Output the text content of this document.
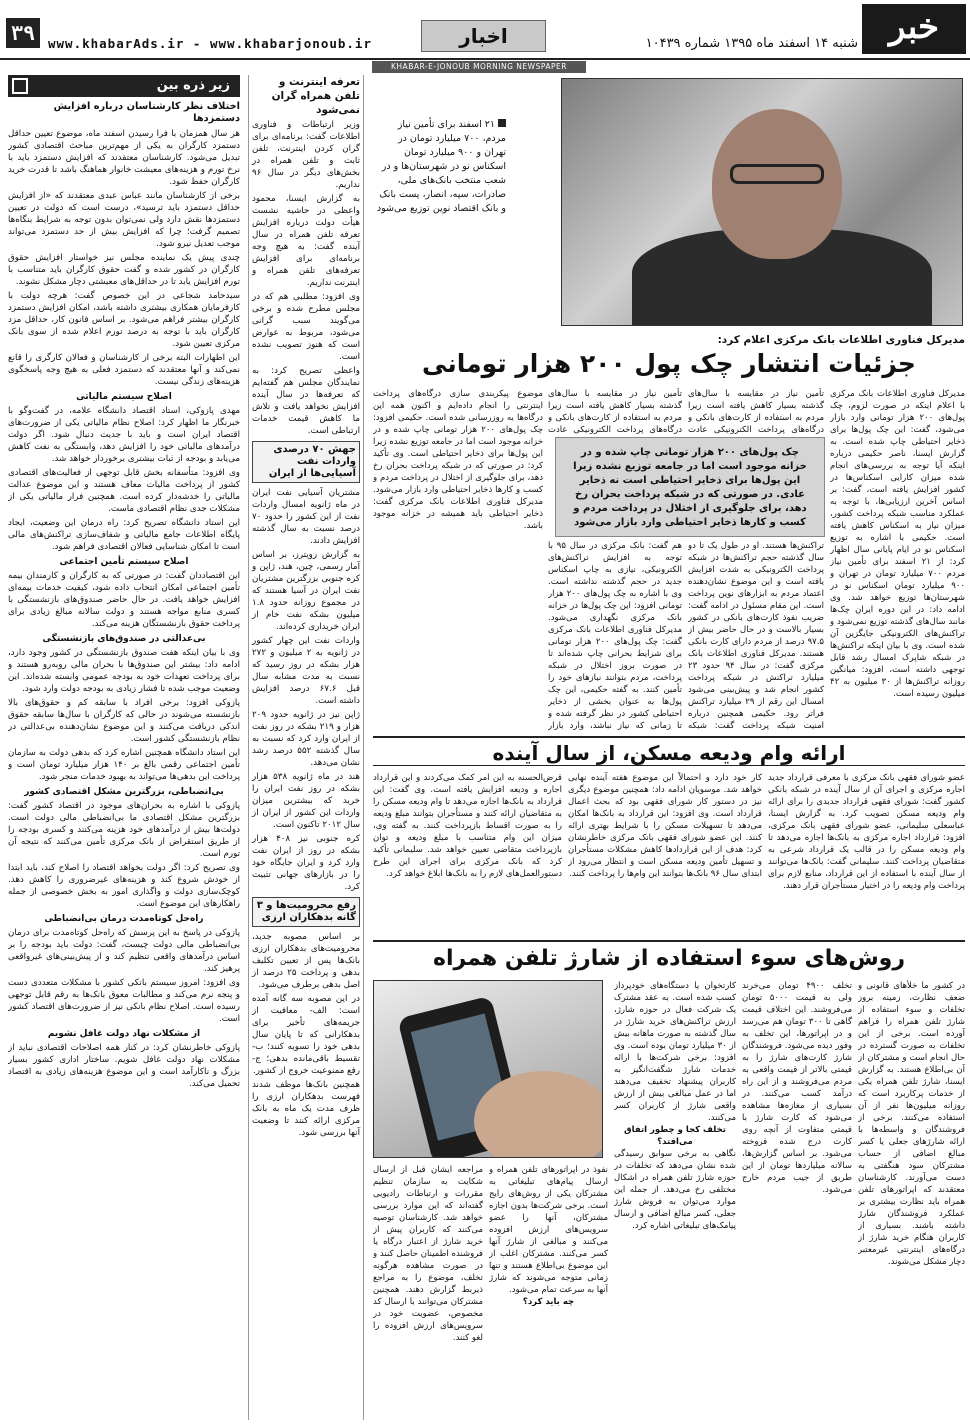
۳۹	www.khabarAds.ir - www.khabarjonoub.ir	اخبار	شنبه ۱۴ اسفند ماه ۱۳۹۵ شماره ۱۰۴۳۹ خبر
KHABAR-E-JONOUB MORNING NEWSPAPER
زیر ذره بین
اختلاف نظر کارشناسان درباره افزایش دستمزدها

هر سال همزمان با فرا رسیدن اسفند ماه، موضوع تعیین حداقل دستمزد کارگران به یکی از مهم‌ترین مباحث اقتصادی کشور تبدیل می‌شود. کارشناسان معتقدند که افزایش دستمزد باید با نرخ تورم و هزینه‌های معیشت خانوار هماهنگ باشد تا قدرت خرید کارگران حفظ شود.

برخی از کارشناسان مانند عباس عبدی معتقدند که «از افزایش حداقل دستمزد باید ترسید»، درست است که دولت در تعیین دستمزدها نقش دارد ولی نمی‌توان بدون توجه به شرایط بنگاه‌ها تصمیم گرفت؛ چرا که افزایش بیش از حد دستمزد می‌تواند موجب تعدیل نیرو شود.

چندی پیش یک نماینده مجلس نیز خواستار افزایش حقوق کارگران در کشور شده و گفت حقوق کارگران باید متناسب با تورم افزایش یابد تا در حداقل‌های معیشتی دچار مشکل نشوند.

سیدحامد شجاعی در این خصوص گفت: هرچه دولت با کارفرمایان همکاری بیشتری داشته باشد، امکان افزایش دستمزد کارگران بیشتر فراهم می‌شود. بر اساس قانون کار، حداقل مزد کارگران باید با توجه به درصد تورم اعلام شده از سوی بانک مرکزی تعیین شود.

این اظهارات البته برخی از کارشناسان و فعالان کارگری را قانع نمی‌کند و آنها معتقدند که دستمزد فعلی به هیچ وجه پاسخگوی هزینه‌های زندگی نیست.

اصلاح سیستم مالیاتی

مهدی پازوکی، استاد اقتصاد دانشگاه علامه، در گفت‌وگو با خبرنگار ما اظهار کرد: اصلاح نظام مالیاتی یکی از ضرورت‌های اقتصاد ایران است و باید با جدیت دنبال شود. اگر دولت درآمدهای مالیاتی خود را افزایش دهد، وابستگی به نفت کاهش می‌یابد و بودجه از ثبات بیشتری برخوردار خواهد شد.

وی افزود: متأسفانه بخش قابل توجهی از فعالیت‌های اقتصادی کشور از پرداخت مالیات معاف هستند و این موضوع عدالت مالیاتی را خدشه‌دار کرده است. همچنین فرار مالیاتی یکی از مشکلات جدی نظام اقتصادی ماست.

این استاد دانشگاه تصریح کرد: راه درمان این وضعیت، ایجاد پایگاه اطلاعات جامع مالیاتی و شفاف‌سازی تراکنش‌های مالی است تا امکان شناسایی فعالان اقتصادی فراهم شود.

اصلاح سیستم تأمین اجتماعی

این اقتصاددان گفت: در صورتی که به کارگران و کارمندان بیمه تأمین اجتماعی امکان انتخاب داده شود، کیفیت خدمات بیمه‌ای افزایش خواهد یافت. در حال حاضر صندوق‌های بازنشستگی با کسری منابع مواجه هستند و دولت سالانه مبالغ زیادی برای پرداخت حقوق بازنشستگان هزینه می‌کند.

بی‌عدالتی در صندوق‌های بازنشستگی

وی با بیان اینکه هفت صندوق بازنشستگی در کشور وجود دارد، ادامه داد: بیشتر این صندوق‌ها با بحران مالی روبه‌رو هستند و برای پرداخت تعهدات خود به بودجه عمومی وابسته شده‌اند. این وضعیت موجب شده تا فشار زیادی به بودجه دولت وارد شود.

پازوکی افزود: برخی افراد با سابقه کم و حقوق‌های بالا بازنشسته می‌شوند در حالی که کارگران با سال‌ها سابقه حقوق اندکی دریافت می‌کنند و این موضوع نشان‌دهنده بی‌عدالتی در نظام بازنشستگی کشور است.

این استاد دانشگاه همچنین اشاره کرد که بدهی دولت به سازمان تأمین اجتماعی رقمی بالغ بر ۱۴۰ هزار میلیارد تومان است و پرداخت این بدهی‌ها می‌تواند به بهبود خدمات منجر شود.

بی‌انضباطی، بزرگترین مشکل اقتصادی کشور

پازوکی با اشاره به بحران‌های موجود در اقتصاد کشور گفت: بزرگترین مشکل اقتصادی ما بی‌انضباطی مالی دولت است. دولت‌ها بیش از درآمدهای خود هزینه می‌کنند و کسری بودجه را از طریق استقراض از بانک مرکزی تأمین می‌کنند که نتیجه آن تورم است.

وی تصریح کرد: اگر دولت بخواهد اقتصاد را اصلاح کند، باید ابتدا از خودش شروع کند و هزینه‌های غیرضروری را کاهش دهد. کوچک‌سازی دولت و واگذاری امور به بخش خصوصی از جمله راهکارهای این موضوع است.

راه‌حل کوتاه‌مدت درمان بی‌انضباطی

پازوکی در پاسخ به این پرسش که راه‌حل کوتاه‌مدت برای درمان بی‌انضباطی مالی دولت چیست، گفت: دولت باید بودجه را بر اساس درآمدهای واقعی تنظیم کند و از پیش‌بینی‌های غیرواقعی پرهیز کند.

وی افزود: امروز سیستم بانکی کشور با مشکلات متعددی دست و پنجه نرم می‌کند و مطالبات معوق بانک‌ها به رقم قابل توجهی رسیده است. اصلاح نظام بانکی نیز از ضرورت‌های اقتصاد کشور است.

از مشکلات نهاد دولت غافل نشویم

پازوکی خاطرنشان کرد: در کنار همه اصلاحات اقتصادی نباید از مشکلات نهاد دولت غافل شویم. ساختار اداری کشور بسیار بزرگ و ناکارآمد است و این موضوع هزینه‌های زیادی به اقتصاد تحمیل می‌کند.

تعرفه اینترنت و تلفن همراه گران نمی‌شود

وزیر ارتباطات و فناوری اطلاعات گفت: برنامه‌ای برای گران کردن اینترنت، تلفن ثابت و تلفن همراه در بخش‌های دیگر در سال ۹۶ نداریم.

به گزارش ایسنا، محمود واعظی در حاشیه نشست هیأت دولت درباره افزایش تعرفه تلفن همراه در سال آینده گفت: به هیچ وجه برنامه‌ای برای افزایش تعرفه‌های تلفن همراه و اینترنت نداریم.

وی افزود: مطلبی هم که در مجلس مطرح شده و برخی می‌گویند سبب گرانی می‌شود، مربوط به عوارض است که هنوز تصویب نشده است.

واعظی تصریح کرد: به نمایندگان مجلس هم گفته‌ایم که تعرفه‌ها در سال آینده افزایش نخواهد یافت و تلاش ما کاهش قیمت خدمات ارتباطی است.

جهش ۷۰ درصدی واردات نفت آسیایی‌ها از ایران

مشتریان آسیایی نفت ایران در ماه ژانویه امسال واردات نفت از این کشور را حدود ۷۰ درصد نسبت به سال گذشته افزایش دادند.

به گزارش رویترز، بر اساس آمار رسمی، چین، هند، ژاپن و کره جنوبی بزرگترین مشتریان نفت ایران در آسیا هستند که در مجموع روزانه حدود ۱.۸ میلیون بشکه نفت خام از ایران خریداری کرده‌اند.

واردات نفت این چهار کشور در ژانویه به ۲ میلیون و ۲۷۲ هزار بشکه در روز رسید که نسبت به مدت مشابه سال قبل ۶۷.۶ درصد افزایش داشته است.

ژاپن نیز در ژانویه حدود ۲۰۹ هزار و ۲۱۹ بشکه در روز نفت از ایران وارد کرد که نسبت به سال گذشته ۵۵۲ درصد رشد نشان می‌دهد.

هند در ماه ژانویه ۵۳۸ هزار بشکه در روز نفت ایران را خرید که بیشترین میزان واردات این کشور از ایران از سال ۲۰۱۲ تاکنون است.

کره جنوبی نیز ۴۰۸ هزار بشکه در روز از ایران نفت وارد کرد و ایران جایگاه خود را در بازارهای جهانی تثبیت کرد.

رفع محرومیت‌ها و ۳ گانه بدهکاران ارزی

بر اساس مصوبه جدید، محرومیت‌های بدهکاران ارزی بانک‌ها پس از تعیین تکلیف بدهی و پرداخت ۲۵ درصد از اصل بدهی برطرف می‌شود.

در این مصوبه سه گانه آمده است: الف- معافیت از جریمه‌های تأخیر برای بدهکارانی که تا پایان سال بدهی خود را تسویه کنند؛ ب- تقسیط باقی‌مانده بدهی؛ ج- رفع ممنوعیت خروج از کشور.

همچنین بانک‌ها موظف شدند فهرست بدهکاران ارزی را ظرف مدت یک ماه به بانک مرکزی ارائه کنند تا وضعیت آنها بررسی شود.

۲۱ اسفند برای تأمین نیاز مردم، ۷۰۰ میلیارد تومان در تهران و ۹۰۰ میلیارد تومان اسکناس نو در شهرستان‌ها و در شعب منتخب بانک‌های ملی، صادرات، سپه، انصار، پست بانک و بانک اقتصاد نوین توزیع می‌شود
مدیرکل فناوری اطلاعات بانک مرکزی اعلام کرد:
جزئیات انتشار چک پول ۲۰۰ هزار تومانی
مدیرکل فناوری اطلاعات بانک مرکزی با اعلام اینکه در صورت لزوم، چک پول‌های ۲۰۰ هزار تومانی وارد بازار می‌شود، گفت: این چک پول‌ها برای ذخایر احتیاطی چاپ شده است. به گزارش ایسنا، ناصر حکیمی درباره اینکه آیا توجه به بررسی‌های انجام شده میزان کارایی اسکناس‌ها در کشور افزایش یافته است، گفت: بر اساس آخرین ارزیابی‌ها، با توجه به عملکرد مناسب شبکه پرداخت کشور، میزان نیاز به اسکناس کاهش یافته است. حکیمی با اشاره به توزیع اسکناس نو در ایام پایانی سال اظهار کرد: از ۲۱ اسفند برای تأمین نیاز مردم ۷۰۰ میلیارد تومان در تهران و ۹۰۰ میلیارد تومان اسکناس نو در شهرستان‌ها توزیع خواهد شد. وی ادامه داد: در این دوره ایران چک‌ها مانند سال‌های گذشته توزیع نمی‌شود و تراکنش‌های الکترونیکی جایگزین آن شده است. وی با بیان اینکه تراکنش‌ها در شبکه شاپرک امسال رشد قابل توجهی داشته است، افزود: میانگین روزانه تراکنش‌ها از ۳۰ میلیون به ۴۲ میلیون رسیده است.
تراکنش‌ها هستند. او در طول یک تا دو سال گذشته حجم تراکنش‌ها در شبکه پرداخت الکترونیکی به شدت افزایش یافته است و این موضوع نشان‌دهنده اعتماد مردم به ابزارهای نوین پرداخت است. این مقام مسئول در ادامه گفت: ضریب نفوذ کارت‌های بانکی در کشور بسیار بالاست و در حال حاضر بیش از ۹۷.۵ درصد از مردم دارای کارت بانکی هستند. مدیرکل فناوری اطلاعات بانک مرکزی گفت: در سال ۹۴ حدود ۲۳ میلیارد تراکنش در شبکه پرداخت کشور انجام شد و پیش‌بینی می‌شود امسال این رقم از ۲۹ میلیارد تراکنش فراتر رود. حکیمی همچنین درباره امنیت شبکه پرداخت گفت: شبکه
تأمین نیاز در مقایسه با سال‌های گذشته بسیار کاهش یافته است زیرا مردم به استفاده از کارت‌های بانکی و درگاه‌های پرداخت الکترونیکی عادت
چک پول‌های ۲۰۰ هزار تومانی چاپ شده و در خزانه موجود است اما در جامعه توزیع نشده زیرا این پول‌ها برای ذخایر احتیاطی است نه ذخایر عادی. در صورتی که در شبکه پرداخت بحران رخ دهد، برای جلوگیری از اختلال در پرداخت مردم و کسب و کارها ذخایر احتیاطی وارد بازار می‌شود
هم گفت: بانک مرکزی در سال ۹۵ با توجه به افزایش تراکنش‌های الکترونیکی، نیازی به چاپ اسکناس جدید در حجم گذشته نداشته است. وی با اشاره به چک پول‌های ۲۰۰ هزار تومانی افزود: این چک پول‌ها در خزانه بانک مرکزی نگهداری می‌شود. مدیرکل فناوری اطلاعات بانک مرکزی گفت: چک پول‌های ۲۰۰ هزار تومانی برای شرایط بحرانی چاپ شده‌اند تا در صورت بروز اختلال در شبکه پرداخت، مردم بتوانند نیازهای خود را تأمین کنند. به گفته حکیمی، این چک پول‌ها به عنوان بخشی از ذخایر احتیاطی کشور در نظر گرفته شده و تا زمانی که نیاز نباشد، وارد بازار
تأمین نیاز در مقایسه با سال‌های گذشته بسیار کاهش یافته است زیرا مردم به استفاده از کارت‌های بانکی و درگاه‌های پرداخت الکترونیکی عادت
موضوع پیکربندی سازی درگاه‌های پرداخت اینترنتی را انجام داده‌ایم و اکنون همه این درگاه‌ها به روزرسانی شده است. حکیمی افزود: چک پول‌های ۲۰۰ هزار تومانی چاپ شده و در خزانه موجود است اما در جامعه توزیع نشده زیرا این پول‌ها برای ذخایر احتیاطی است. وی تأکید کرد: در صورتی که در شبکه پرداخت بحران رخ دهد، برای جلوگیری از اختلال در پرداخت مردم و کسب و کارها ذخایر احتیاطی وارد بازار می‌شود. مدیرکل فناوری اطلاعات بانک مرکزی گفت: ذخایر احتیاطی باید همیشه در خزانه موجود باشد.
ارائه وام ودیعه مسکن، از سال آینده
عضو شورای فقهی بانک مرکزی با معرفی قرارداد جدید اجاره مرکزی و اجرای آن از سال آینده در شبکه بانکی کشور گفت: شورای فقهی قرارداد جدیدی را برای ارائه وام ودیعه مسکن تصویب کرد. به گزارش ایسنا، عباسعلی سلیمانی، عضو شورای فقهی بانک مرکزی، افزود: قرارداد اجاره مرکزی به بانک‌ها اجازه می‌دهد تا وام ودیعه مسکن را در قالب یک قرارداد شرعی به متقاضیان پرداخت کنند. سلیمانی گفت: بانک‌ها می‌توانند از سال آینده با استفاده از این قرارداد، منابع لازم برای پرداخت وام ودیعه را در اختیار مستأجران قرار دهند.
کار خود دارد و احتمالاً این موضوع هفته آینده نهایی خواهد شد. موسویان ادامه داد: همچنین موضوع دیگری نیز در دستور کار شورای فقهی بود که بحث اعمال قرارداد است. وی افزود: این قرارداد به بانک‌ها امکان می‌دهد تا تسهیلات مسکن را با شرایط بهتری ارائه کنند. این عضو شورای فقهی بانک مرکزی خاطرنشان کرد: هدف از این قراردادها کاهش مشکلات مستأجران و تسهیل تأمین ودیعه مسکن است و انتظار می‌رود از ابتدای سال ۹۶ بانک‌ها بتوانند این وام‌ها را پرداخت کنند.
قرض‌الحسنه به این امر کمک می‌کردند و این قرارداد اجاره و ودیعه افزایش یافته است. وی گفت: این قرارداد به بانک‌ها اجازه می‌دهد تا وام ودیعه مسکن را به متقاضیان ارائه کنند و مستأجران بتوانند مبلغ ودیعه را به صورت اقساط بازپرداخت کنند. به گفته وی، میزان این وام متناسب با مبلغ ودیعه و توان بازپرداخت متقاضی تعیین خواهد شد. سلیمانی تأکید کرد که بانک مرکزی برای اجرای این طرح دستورالعمل‌های لازم را به بانک‌ها ابلاغ خواهد کرد.
روش‌های سوء استفاده از شارژ تلفن همراه
در کشور ما خلأهای قانونی و ضعف نظارت، زمینه بروز تخلفات و سوء استفاده از شارژ تلفن همراه را فراهم آورده است. برخی از این تخلفات به صورت گسترده در حال انجام است و مشترکان از آن بی‌اطلاع هستند. به گزارش ایسنا، شارژ تلفن همراه یکی از خدمات پرکاربرد است که روزانه میلیون‌ها نفر از آن استفاده می‌کنند. برخی از فروشندگان و واسطه‌ها با ارائه شارژهای جعلی یا کسر مبالغ اضافی از حساب مشترکان سود هنگفتی به دست می‌آورند. کارشناسان معتقدند که اپراتورهای تلفن همراه باید نظارت بیشتری بر عملکرد فروشندگان شارژ داشته باشند. بسیاری از کاربران هنگام خرید شارژ از درگاه‌های اینترنتی غیرمعتبر دچار مشکل می‌شوند.
تخلف ۴۹۰۰ تومان می‌خرند ولی به قیمت ۵۰۰۰ تومان می‌فروشند. این اختلاف قیمت گاهی تا ۳۰۰ تومان هم می‌رسد و در اپراتورها، این تخلف به وفور دیده می‌شود. فروشندگان شارژ کارت‌های شارژ را به قیمتی بالاتر از قیمت واقعی به مردم می‌فروشند و از این راه درآمد کسب می‌کنند. در بسیاری از مغازه‌ها مشاهده می‌شود که کارت شارژ با قیمتی متفاوت از آنچه روی کارت درج شده فروخته می‌شود. بر اساس گزارش‌ها، سالانه میلیاردها تومان از این طریق از جیب مردم خارج می‌شود.
کارتخوان یا دستگاه‌های خودپرداز کسب شده است. به عقد مشترک یک شرکت فعال در حوزه شارژ، ارزش تراکنش‌های خرید شارژ در سال گذشته به صورت ماهانه بیش از ۳۰ میلیارد تومان بوده است. وی افزود: برخی شرکت‌ها با ارائه خدمات شارژ شگفت‌انگیز به کاربران پیشنهاد تخفیف می‌دهند اما در عمل مبالغی بیش از ارزش واقعی شارژ از کاربران کسر می‌کنند.
تخلف کجا و چطور اتفاق می‌افتد؟
نگاهی به برخی سوابق رسیدگی شده نشان می‌دهد که تخلفات در حوزه شارژ تلفن همراه در اشکال مختلفی رخ می‌دهد. از جمله این موارد می‌توان به فروش شارژ جعلی، کسر مبالغ اضافی و ارسال پیامک‌های تبلیغاتی اشاره کرد.
نفوذ در اپراتورهای تلفن همراه و ارسال پیام‌های تبلیغاتی به مشترکان یکی از روش‌های رایج است. برخی شرکت‌ها بدون اجازه مشترکان، آنها را عضو سرویس‌های ارزش افزوده می‌کنند و مبالغی از شارژ آنها کسر می‌کنند. مشترکان اغلب از این موضوع بی‌اطلاع هستند و تنها زمانی متوجه می‌شوند که شارژ آنها به سرعت تمام می‌شود.
چه باید کرد؟
مراجعه ایشان قبل از ارسال شکایت به سازمان تنظیم مقررات و ارتباطات رادیویی گفته‌اند که این موارد بررسی خواهد شد. کارشناسان توصیه می‌کنند که کاربران پیش از خرید شارژ از اعتبار درگاه یا فروشنده اطمینان حاصل کنند و در صورت مشاهده هرگونه تخلف، موضوع را به مراجع ذیربط گزارش دهند. همچنین مشترکان می‌توانند با ارسال کد مخصوص، عضویت خود در سرویس‌های ارزش افزوده را لغو کنند.
